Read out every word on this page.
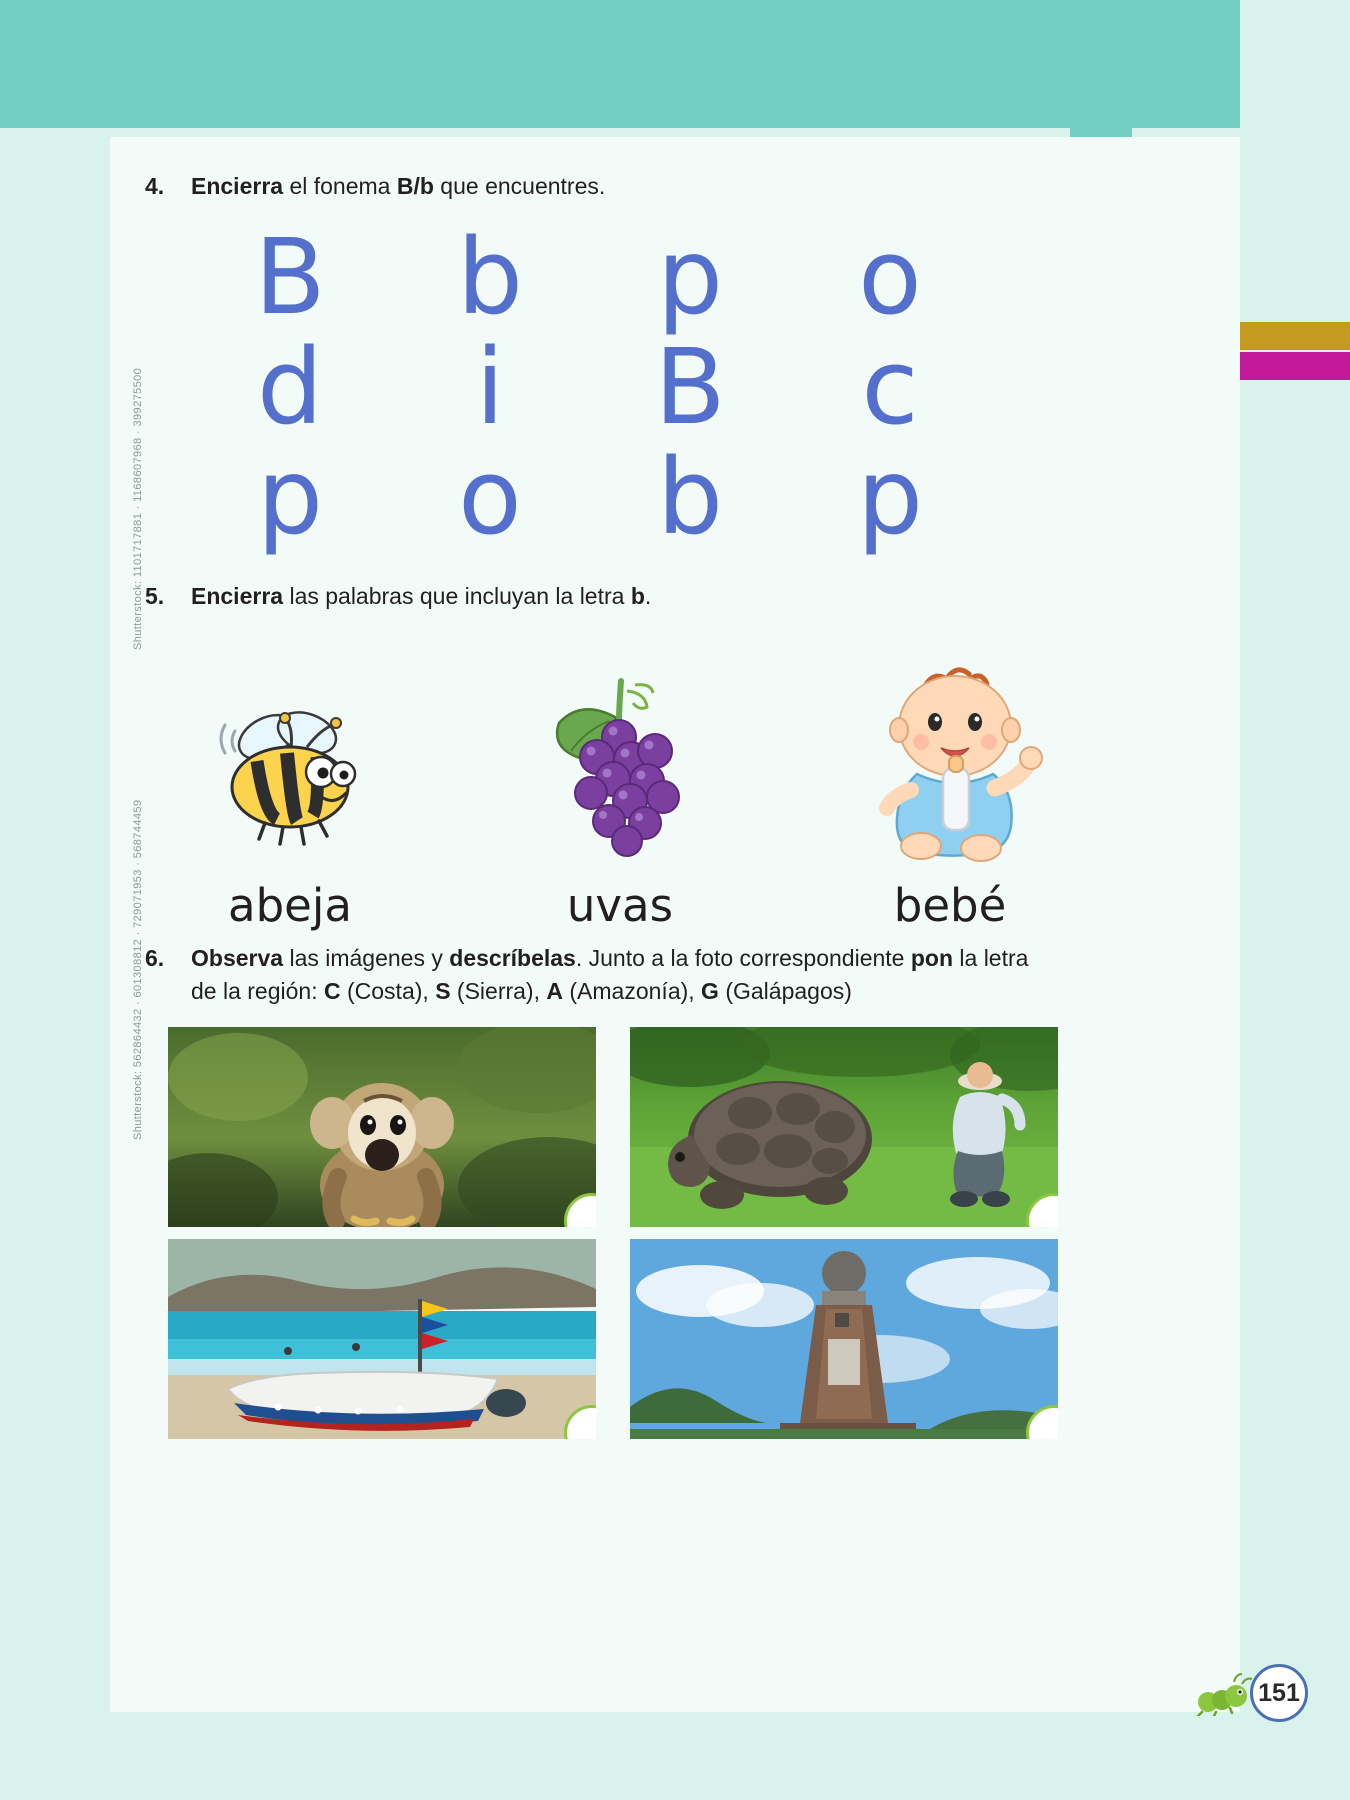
4.	Encierra el fonema B/b que encuentres.
B	b	p	o
d	i	B	c
p	o	b	p
5.	Encierra las palabras que incluyan la letra b.
abeja	uvas	bebé
6.	Observa las imágenes y descríbelas. Junto a la foto correspondiente pon la letra de la región: C (Costa), S (Sierra), A (Amazonía), G (Galápagos)
Shutterstock: 1101717881 · 1168607968 · 399275500
Shutterstock: 562864432 · 601308812 · 729071953 · 568744459
151
